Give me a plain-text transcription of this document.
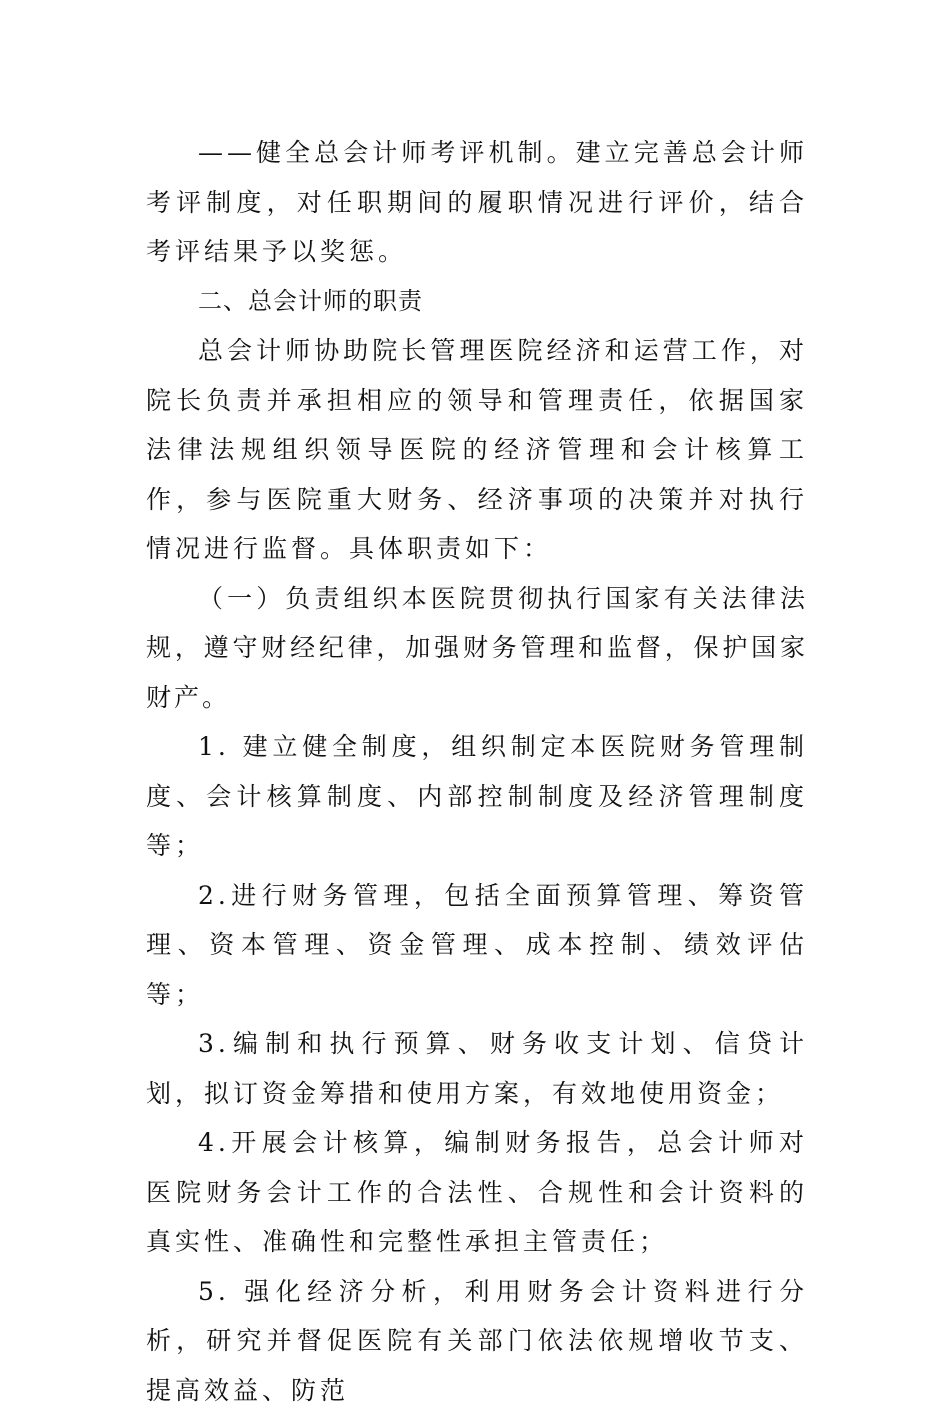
——健全总会计师考评机制。建立完善总会计师考评制度，对任职期间的履职情况进行评价，结合考评结果予以奖惩。

二、总会计师的职责

总会计师协助院长管理医院经济和运营工作，对院长负责并承担相应的领导和管理责任，依据国家法律法规组织领导医院的经济管理和会计核算工作，参与医院重大财务、经济事项的决策并对执行情况进行监督。具体职责如下：

（一）负责组织本医院贯彻执行国家有关法律法规，遵守财经纪律，加强财务管理和监督，保护国家财产。

1. 建立健全制度，组织制定本医院财务管理制度、会计核算制度、内部控制制度及经济管理制度等；

2.进行财务管理，包括全面预算管理、筹资管理、资本管理、资金管理、成本控制、绩效评估等；

3.编制和执行预算、财务收支计划、信贷计划，拟订资金筹措和使用方案，有效地使用资金；

4.开展会计核算，编制财务报告，总会计师对医院财务会计工作的合法性、合规性和会计资料的真实性、准确性和完整性承担主管责任；

5. 强化经济分析，利用财务会计资料进行分析，研究并督促医院有关部门依法依规增收节支、提高效益、防范
